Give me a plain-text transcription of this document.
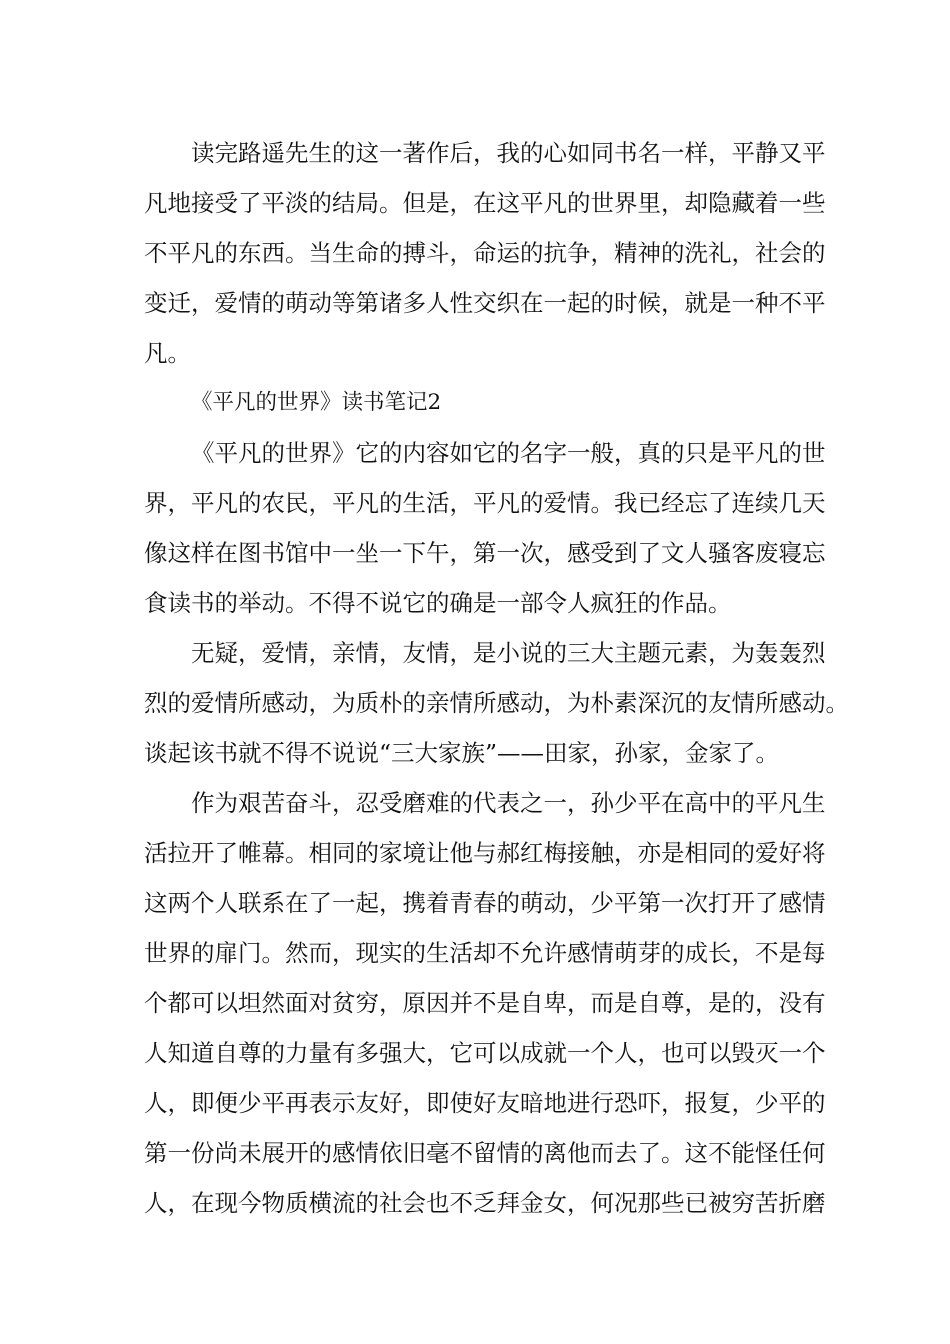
读完路遥先生的这一著作后，我的心如同书名一样，平静又平
凡地接受了平淡的结局。但是，在这平凡的世界里，却隐藏着一些
不平凡的东西。当生命的搏斗，命运的抗争，精神的洗礼，社会的
变迁，爱情的萌动等第诸多人性交织在一起的时候，就是一种不平
凡。
《平凡的世界》读书笔记2
《平凡的世界》它的内容如它的名字一般，真的只是平凡的世
界，平凡的农民，平凡的生活，平凡的爱情。我已经忘了连续几天
像这样在图书馆中一坐一下午，第一次，感受到了文人骚客废寝忘
食读书的举动。不得不说它的确是一部令人疯狂的作品。
无疑，爱情，亲情，友情，是小说的三大主题元素，为轰轰烈
烈的爱情所感动，为质朴的亲情所感动，为朴素深沉的友情所感动。
谈起该书就不得不说说“三大家族”——田家，孙家，金家了。
作为艰苦奋斗，忍受磨难的代表之一，孙少平在高中的平凡生
活拉开了帷幕。相同的家境让他与郝红梅接触，亦是相同的爱好将
这两个人联系在了一起，携着青春的萌动，少平第一次打开了感情
世界的扉门。然而，现实的生活却不允许感情萌芽的成长，不是每
个都可以坦然面对贫穷，原因并不是自卑，而是自尊，是的，没有
人知道自尊的力量有多强大，它可以成就一个人，也可以毁灭一个
人，即便少平再表示友好，即使好友暗地进行恐吓，报复，少平的
第一份尚未展开的感情依旧毫不留情的离他而去了。这不能怪任何
人，在现今物质横流的社会也不乏拜金女，何况那些已被穷苦折磨
